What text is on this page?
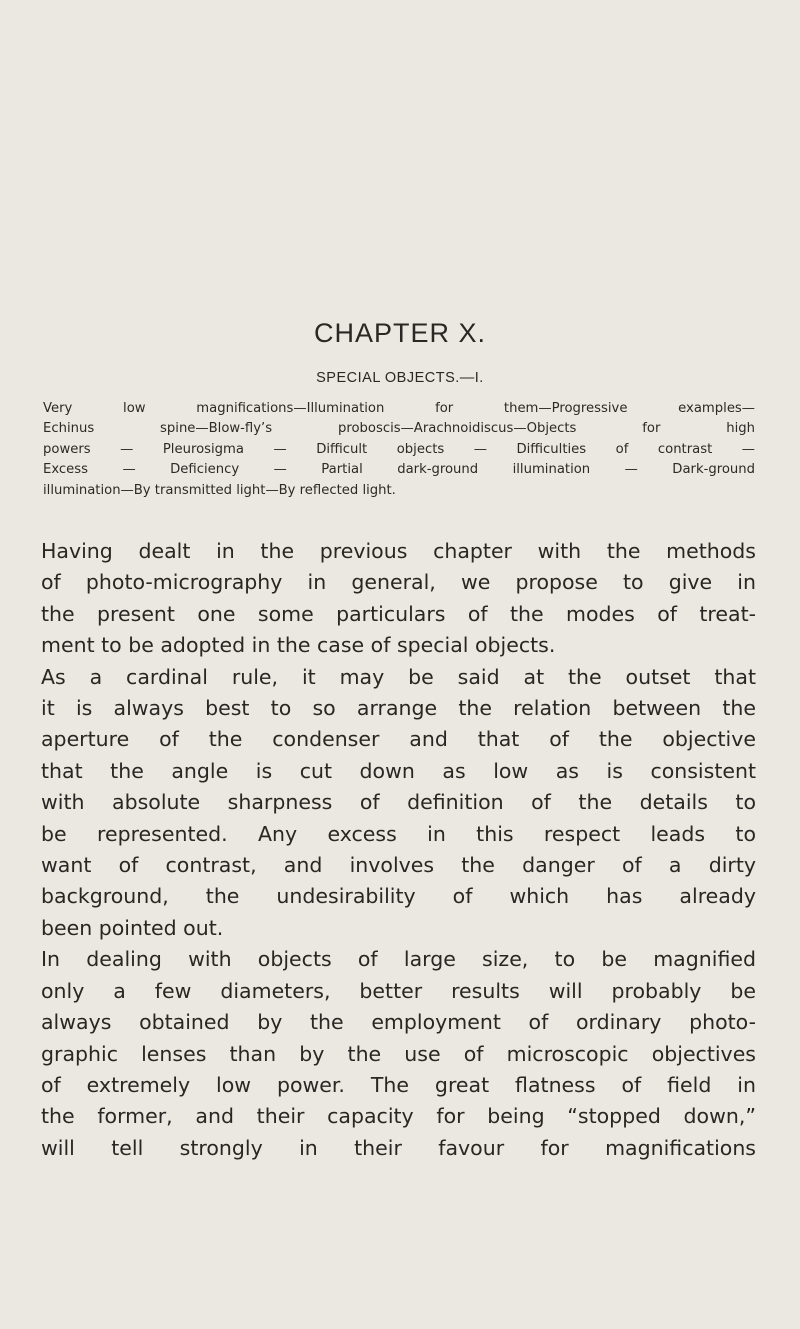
CHAPTER X.
SPECIAL OBJECTS.—I.
Very low magnifications—Illumination for them—Progressive examples—
Echinus spine—Blow-fly’s proboscis—Arachnoidiscus—Objects for high
powers — Pleurosigma — Difficult objects — Difficulties of contrast —
Excess — Deficiency — Partial dark-ground illumination — Dark-ground
illumination—By transmitted light—By reflected light.
Having dealt in the previous chapter with the methods
of photo-micrography in general, we propose to give in
the present one some particulars of the modes of treat-
ment to be adopted in the case of special objects.
As a cardinal rule, it may be said at the outset that
it is always best to so arrange the relation between the
aperture of the condenser and that of the objective
that the angle is cut down as low as is consistent
with absolute sharpness of definition of the details to
be represented. Any excess in this respect leads to
want of contrast, and involves the danger of a dirty
background, the undesirability of which has already
been pointed out.
In dealing with objects of large size, to be magnified
only a few diameters, better results will probably be
always obtained by the employment of ordinary photo-
graphic lenses than by the use of microscopic objectives
of extremely low power. The great flatness of field in
the former, and their capacity for being “stopped down,”
will tell strongly in their favour for magnifications
